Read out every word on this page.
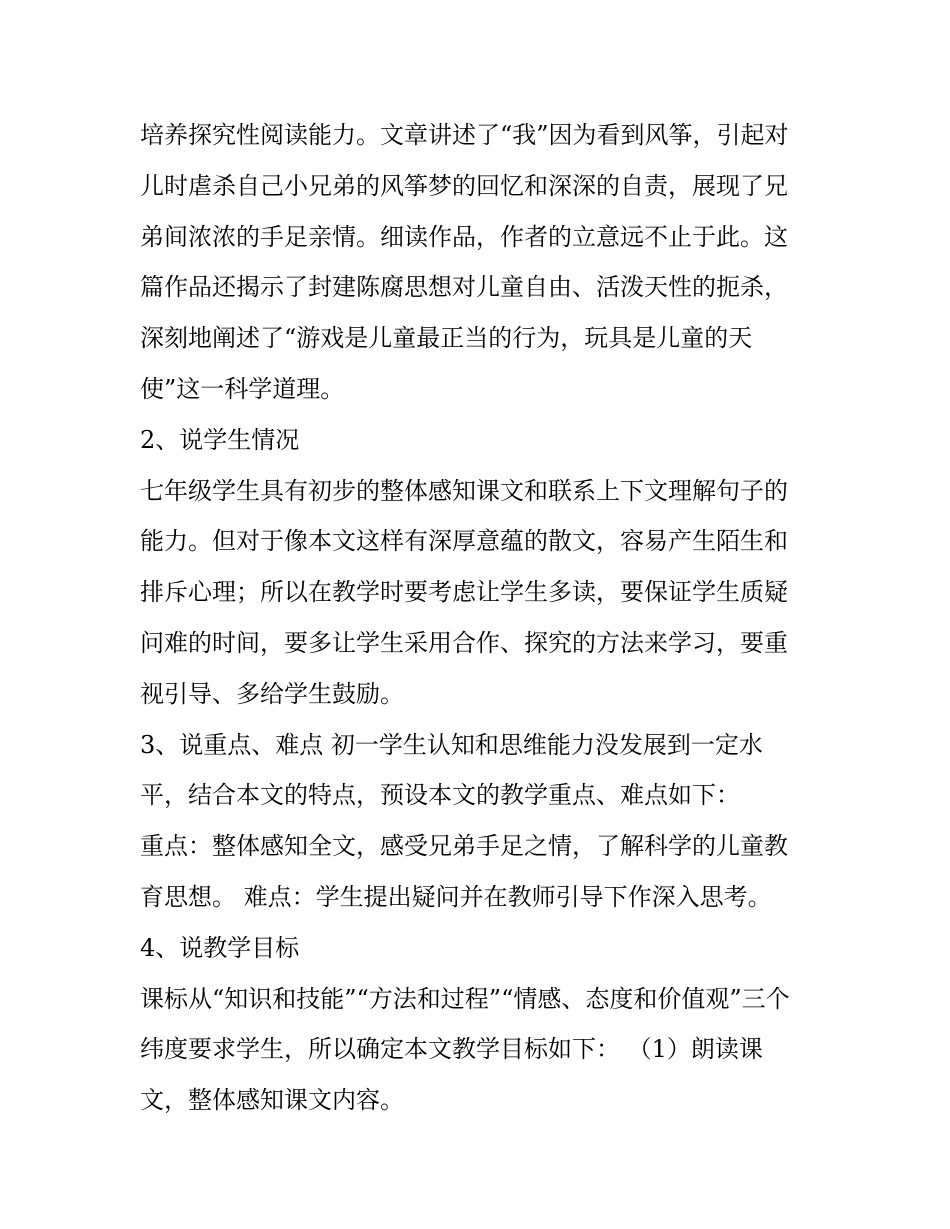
培养探究性阅读能力。文章讲述了“我”因为看到风筝，引起对

儿时虐杀自己小兄弟的风筝梦的回忆和深深的自责，展现了兄

弟间浓浓的手足亲情。细读作品，作者的立意远不止于此。这

篇作品还揭示了封建陈腐思想对儿童自由、活泼天性的扼杀，

深刻地阐述了“游戏是儿童最正当的行为，玩具是儿童的天

使”这一科学道理。

2、说学生情况

七年级学生具有初步的整体感知课文和联系上下文理解句子的

能力。但对于像本文这样有深厚意蕴的散文，容易产生陌生和

排斥心理；所以在教学时要考虑让学生多读，要保证学生质疑

问难的时间，要多让学生采用合作、探究的方法来学习，要重

视引导、多给学生鼓励。

3、说重点、难点 初一学生认知和思维能力没发展到一定水

平，结合本文的特点，预设本文的教学重点、难点如下：

重点：整体感知全文，感受兄弟手足之情，了解科学的儿童教

育思想。 难点：学生提出疑问并在教师引导下作深入思考。

4、说教学目标

课标从“知识和技能”“方法和过程”“情感、态度和价值观”三个

纬度要求学生，所以确定本文教学目标如下： （1）朗读课

文，整体感知课文内容。
